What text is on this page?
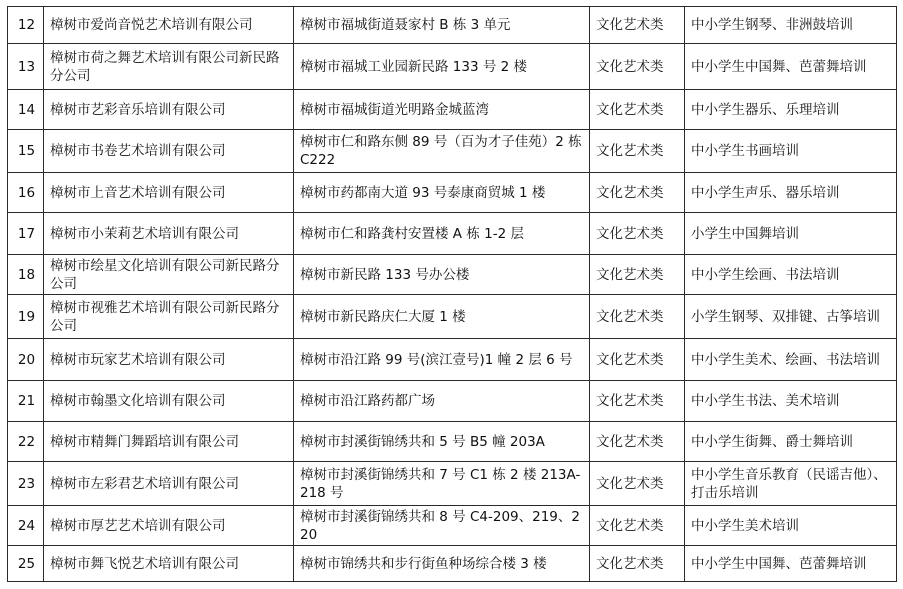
12	樟树市爱尚音悦艺术培训有限公司	樟树市福城街道聂家村 B 栋 3 单元	文化艺术类	中小学生钢琴、非洲鼓培训
13	樟树市荷之舞艺术培训有限公司新民路分公司	樟树市福城工业园新民路 133 号 2 楼	文化艺术类	中小学生中国舞、芭蕾舞培训
14	樟树市艺彩音乐培训有限公司	樟树市福城街道光明路金城蓝湾	文化艺术类	中小学生器乐、乐理培训
15	樟树市书卷艺术培训有限公司	樟树市仁和路东侧 89 号（百为才子佳苑）2 栋 C222	文化艺术类	中小学生书画培训
16	樟树市上音艺术培训有限公司	樟树市药都南大道 93 号泰康商贸城 1 楼	文化艺术类	中小学生声乐、器乐培训
17	樟树市小茉莉艺术培训有限公司	樟树市仁和路龚村安置楼 A 栋 1-2 层	文化艺术类	小学生中国舞培训
18	樟树市绘星文化培训有限公司新民路分公司	樟树市新民路 133 号办公楼	文化艺术类	中小学生绘画、书法培训
19	樟树市视雅艺术培训有限公司新民路分公司	樟树市新民路庆仁大厦 1 楼	文化艺术类	小学生钢琴、双排键、古筝培训
20	樟树市玩家艺术培训有限公司	樟树市沿江路 99 号(滨江壹号)1 幢 2 层 6 号	文化艺术类	中小学生美术、绘画、书法培训
21	樟树市翰墨文化培训有限公司	樟树市沿江路药都广场	文化艺术类	中小学生书法、美术培训
22	樟树市精舞门舞蹈培训有限公司	樟树市封溪街锦绣共和 5 号 B5 幢 203A	文化艺术类	中小学生街舞、爵士舞培训
23	樟树市左彩君艺术培训有限公司	樟树市封溪街锦绣共和 7 号 C1 栋 2 楼 213A-218 号	文化艺术类	中小学生音乐教育（民谣吉他）、打击乐培训
24	樟树市厚艺艺术培训有限公司	樟树市封溪街锦绣共和 8 号 C4-209、219、220	文化艺术类	中小学生美术培训
25	樟树市舞飞悦艺术培训有限公司	樟树市锦绣共和步行街鱼种场综合楼 3 楼	文化艺术类	中小学生中国舞、芭蕾舞培训
